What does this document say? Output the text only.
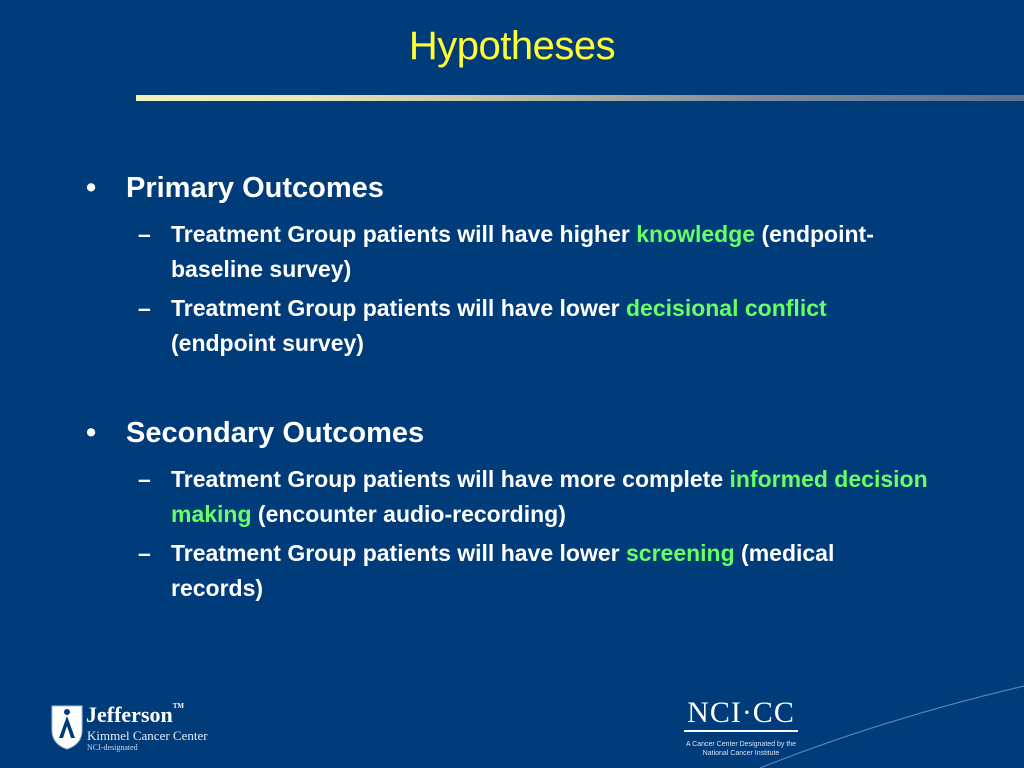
Hypotheses
• Primary Outcomes
– Treatment Group patients will have higher knowledge (endpoint-baseline survey)
– Treatment Group patients will have lower decisional conflict (endpoint survey)
• Secondary Outcomes
– Treatment Group patients will have more complete informed decision making (encounter audio-recording)
– Treatment Group patients will have lower screening (medical records)
Jefferson™
Kimmel Cancer Center
NCI-designated
NCI·CC
A Cancer Center Designated by the
National Cancer Institute
